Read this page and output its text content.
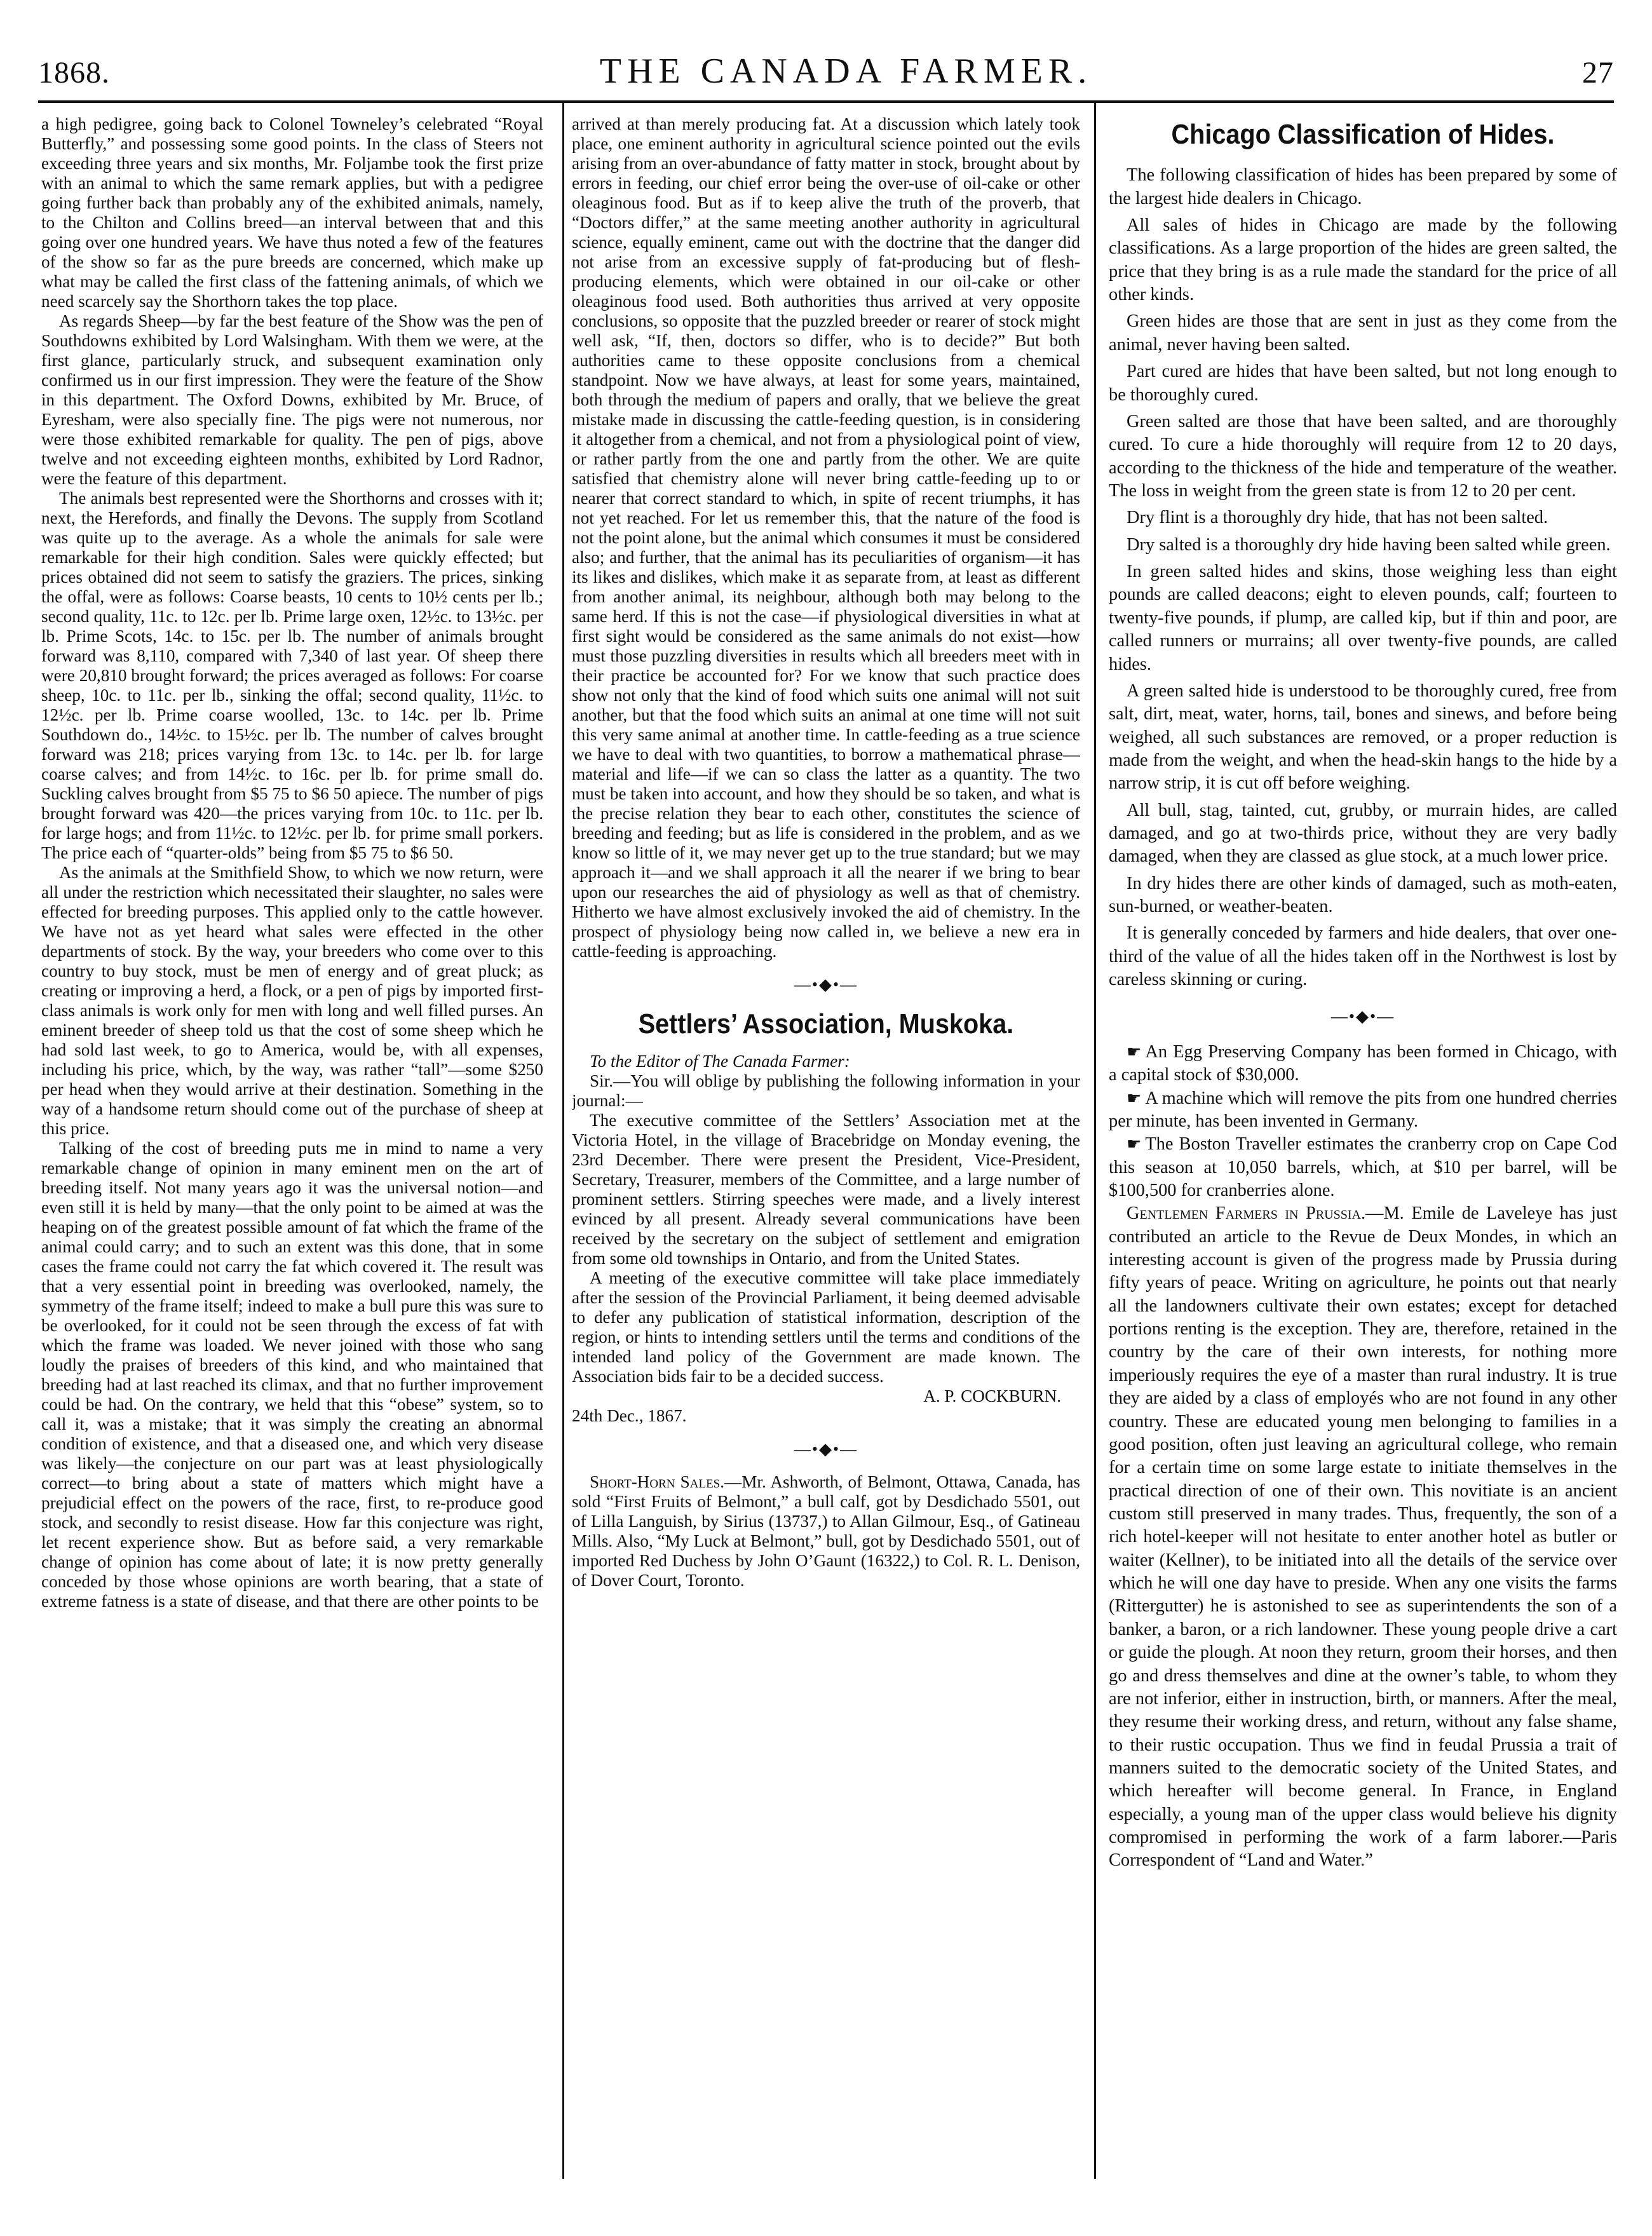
1868.	THE CANADA FARMER.	27

a high pedigree, going back to Colonel Towneley’s celebrated “Royal Butterfly,” and possessing some good points. In the class of Steers not exceeding three years and six months, Mr. Foljambe took the first prize with an animal to which the same remark applies, but with a pedigree going further back than probably any of the exhibited animals, namely, to the Chilton and Collins breed—an interval between that and this going over one hundred years. We have thus noted a few of the features of the show so far as the pure breeds are concerned, which make up what may be called the first class of the fattening animals, of which we need scarcely say the Shorthorn takes the top place.

As regards Sheep—by far the best feature of the Show was the pen of Southdowns exhibited by Lord Walsingham. With them we were, at the first glance, particularly struck, and subsequent examination only confirmed us in our first impression. They were the feature of the Show in this department. The Oxford Downs, exhibited by Mr. Bruce, of Eyresham, were also specially fine. The pigs were not numerous, nor were those exhibited remarkable for quality. The pen of pigs, above twelve and not exceeding eighteen months, exhibited by Lord Radnor, were the feature of this department.

The animals best represented were the Shorthorns and crosses with it; next, the Herefords, and finally the Devons. The supply from Scotland was quite up to the average. As a whole the animals for sale were remarkable for their high condition. Sales were quickly effected; but prices obtained did not seem to satisfy the graziers. The prices, sinking the offal, were as follows: Coarse beasts, 10 cents to 10½ cents per lb.; second quality, 11c. to 12c. per lb. Prime large oxen, 12½c. to 13½c. per lb. Prime Scots, 14c. to 15c. per lb. The number of animals brought forward was 8,110, compared with 7,340 of last year. Of sheep there were 20,810 brought forward; the prices averaged as follows: For coarse sheep, 10c. to 11c. per lb., sinking the offal; second quality, 11½c. to 12½c. per lb. Prime coarse woolled, 13c. to 14c. per lb. Prime Southdown do., 14½c. to 15½c. per lb. The number of calves brought forward was 218; prices varying from 13c. to 14c. per lb. for large coarse calves; and from 14½c. to 16c. per lb. for prime small do. Suckling calves brought from $5 75 to $6 50 apiece. The number of pigs brought forward was 420—the prices varying from 10c. to 11c. per lb. for large hogs; and from 11½c. to 12½c. per lb. for prime small porkers. The price each of “quarter-olds” being from $5 75 to $6 50.

As the animals at the Smithfield Show, to which we now return, were all under the restriction which necessitated their slaughter, no sales were effected for breeding purposes. This applied only to the cattle however. We have not as yet heard what sales were effected in the other departments of stock. By the way, your breeders who come over to this country to buy stock, must be men of energy and of great pluck; as creating or improving a herd, a flock, or a pen of pigs by imported first-class animals is work only for men with long and well filled purses. An eminent breeder of sheep told us that the cost of some sheep which he had sold last week, to go to America, would be, with all expenses, including his price, which, by the way, was rather “tall”—some $250 per head when they would arrive at their destination. Something in the way of a handsome return should come out of the purchase of sheep at this price.

Talking of the cost of breeding puts me in mind to name a very remarkable change of opinion in many eminent men on the art of breeding itself. Not many years ago it was the universal notion—and even still it is held by many—that the only point to be aimed at was the heaping on of the greatest possible amount of fat which the frame of the animal could carry; and to such an extent was this done, that in some cases the frame could not carry the fat which covered it. The result was that a very essential point in breeding was overlooked, namely, the symmetry of the frame itself; indeed to make a bull pure this was sure to be overlooked, for it could not be seen through the excess of fat with which the frame was loaded. We never joined with those who sang loudly the praises of breeders of this kind, and who maintained that breeding had at last reached its climax, and that no further improvement could be had. On the contrary, we held that this “obese” system, so to call it, was a mistake; that it was simply the creating an abnormal condition of existence, and that a diseased one, and which very disease was likely—the conjecture on our part was at least physiologically correct—to bring about a state of matters which might have a prejudicial effect on the powers of the race, first, to re-produce good stock, and secondly to resist disease. How far this conjecture was right, let recent experience show. But as before said, a very remarkable change of opinion has come about of late; it is now pretty generally conceded by those whose opinions are worth bearing, that a state of extreme fatness is a state of disease, and that there are other points to be

arrived at than merely producing fat. At a discussion which lately took place, one eminent authority in agricultural science pointed out the evils arising from an over-abundance of fatty matter in stock, brought about by errors in feeding, our chief error being the over-use of oil-cake or other oleaginous food. But as if to keep alive the truth of the proverb, that “Doctors differ,” at the same meeting another authority in agricultural science, equally eminent, came out with the doctrine that the danger did not arise from an excessive supply of fat-producing but of flesh-producing elements, which were obtained in our oil-cake or other oleaginous food used. Both authorities thus arrived at very opposite conclusions, so opposite that the puzzled breeder or rearer of stock might well ask, “If, then, doctors so differ, who is to decide?” But both authorities came to these opposite conclusions from a chemical standpoint. Now we have always, at least for some years, maintained, both through the medium of papers and orally, that we believe the great mistake made in discussing the cattle-feeding question, is in considering it altogether from a chemical, and not from a physiological point of view, or rather partly from the one and partly from the other. We are quite satisfied that chemistry alone will never bring cattle-feeding up to or nearer that correct standard to which, in spite of recent triumphs, it has not yet reached. For let us remember this, that the nature of the food is not the point alone, but the animal which consumes it must be considered also; and further, that the animal has its peculiarities of organism—it has its likes and dislikes, which make it as separate from, at least as different from another animal, its neighbour, although both may belong to the same herd. If this is not the case—if physiological diversities in what at first sight would be considered as the same animals do not exist—how must those puzzling diversities in results which all breeders meet with in their practice be accounted for? For we know that such practice does show not only that the kind of food which suits one animal will not suit another, but that the food which suits an animal at one time will not suit this very same animal at another time. In cattle-feeding as a true science we have to deal with two quantities, to borrow a mathematical phrase—material and life—if we can so class the latter as a quantity. The two must be taken into account, and how they should be so taken, and what is the precise relation they bear to each other, constitutes the science of breeding and feeding; but as life is considered in the problem, and as we know so little of it, we may never get up to the true standard; but we may approach it—and we shall approach it all the nearer if we bring to bear upon our researches the aid of physiology as well as that of chemistry. Hitherto we have almost exclusively invoked the aid of chemistry. In the prospect of physiology being now called in, we believe a new era in cattle-feeding is approaching.

—•◆•—
Settlers’ Association, Muskoka.

To the Editor of The Canada Farmer:

Sir.—You will oblige by publishing the following information in your journal:—

The executive committee of the Settlers’ Association met at the Victoria Hotel, in the village of Bracebridge on Monday evening, the 23rd December. There were present the President, Vice-President, Secretary, Treasurer, members of the Committee, and a large number of prominent settlers. Stirring speeches were made, and a lively interest evinced by all present. Already several communications have been received by the secretary on the subject of settlement and emigration from some old townships in Ontario, and from the United States.

A meeting of the executive committee will take place immediately after the session of the Provincial Parliament, it being deemed advisable to defer any publication of statistical information, description of the region, or hints to intending settlers until the terms and conditions of the intended land policy of the Government are made known. The Association bids fair to be a decided success.

A. P. COCKBURN.

24th Dec., 1867.

—•◆•—

Short-Horn Sales.—Mr. Ashworth, of Belmont, Ottawa, Canada, has sold “First Fruits of Belmont,” a bull calf, got by Desdichado 5501, out of Lilla Languish, by Sirius (13737,) to Allan Gilmour, Esq., of Gatineau Mills. Also, “My Luck at Belmont,” bull, got by Desdichado 5501, out of imported Red Duchess by John O’Gaunt (16322,) to Col. R. L. Denison, of Dover Court, Toronto.

Chicago Classification of Hides.

The following classification of hides has been prepared by some of the largest hide dealers in Chicago.

All sales of hides in Chicago are made by the following classifications. As a large proportion of the hides are green salted, the price that they bring is as a rule made the standard for the price of all other kinds.

Green hides are those that are sent in just as they come from the animal, never having been salted.

Part cured are hides that have been salted, but not long enough to be thoroughly cured.

Green salted are those that have been salted, and are thoroughly cured. To cure a hide thoroughly will require from 12 to 20 days, according to the thickness of the hide and temperature of the weather. The loss in weight from the green state is from 12 to 20 per cent.

Dry flint is a thoroughly dry hide, that has not been salted.

Dry salted is a thoroughly dry hide having been salted while green.

In green salted hides and skins, those weighing less than eight pounds are called deacons; eight to eleven pounds, calf; fourteen to twenty-five pounds, if plump, are called kip, but if thin and poor, are called runners or murrains; all over twenty-five pounds, are called hides.

A green salted hide is understood to be thoroughly cured, free from salt, dirt, meat, water, horns, tail, bones and sinews, and before being weighed, all such substances are removed, or a proper reduction is made from the weight, and when the head-skin hangs to the hide by a narrow strip, it is cut off before weighing.

All bull, stag, tainted, cut, grubby, or murrain hides, are called damaged, and go at two-thirds price, without they are very badly damaged, when they are classed as glue stock, at a much lower price.

In dry hides there are other kinds of damaged, such as moth-eaten, sun-burned, or weather-beaten.

It is generally conceded by farmers and hide dealers, that over one-third of the value of all the hides taken off in the Northwest is lost by careless skinning or curing.

—•◆•—

☛ An Egg Preserving Company has been formed in Chicago, with a capital stock of $30,000.

☛ A machine which will remove the pits from one hundred cherries per minute, has been invented in Germany.

☛ The Boston Traveller estimates the cranberry crop on Cape Cod this season at 10,050 barrels, which, at $10 per barrel, will be $100,500 for cranberries alone.

Gentlemen Farmers in Prussia.—M. Emile de Laveleye has just contributed an article to the Revue de Deux Mondes, in which an interesting account is given of the progress made by Prussia during fifty years of peace. Writing on agriculture, he points out that nearly all the landowners cultivate their own estates; except for detached portions renting is the exception. They are, therefore, retained in the country by the care of their own interests, for nothing more imperiously requires the eye of a master than rural industry. It is true they are aided by a class of employés who are not found in any other country. These are educated young men belonging to families in a good position, often just leaving an agricultural college, who remain for a certain time on some large estate to initiate themselves in the practical direction of one of their own. This novitiate is an ancient custom still preserved in many trades. Thus, frequently, the son of a rich hotel-keeper will not hesitate to enter another hotel as butler or waiter (Kellner), to be initiated into all the details of the service over which he will one day have to preside. When any one visits the farms (Rittergutter) he is astonished to see as superintendents the son of a banker, a baron, or a rich landowner. These young people drive a cart or guide the plough. At noon they return, groom their horses, and then go and dress themselves and dine at the owner’s table, to whom they are not inferior, either in instruction, birth, or manners. After the meal, they resume their working dress, and return, without any false shame, to their rustic occupation. Thus we find in feudal Prussia a trait of manners suited to the democratic society of the United States, and which hereafter will become general. In France, in England especially, a young man of the upper class would believe his dignity compromised in performing the work of a farm laborer.—Paris Correspondent of “Land and Water.”
